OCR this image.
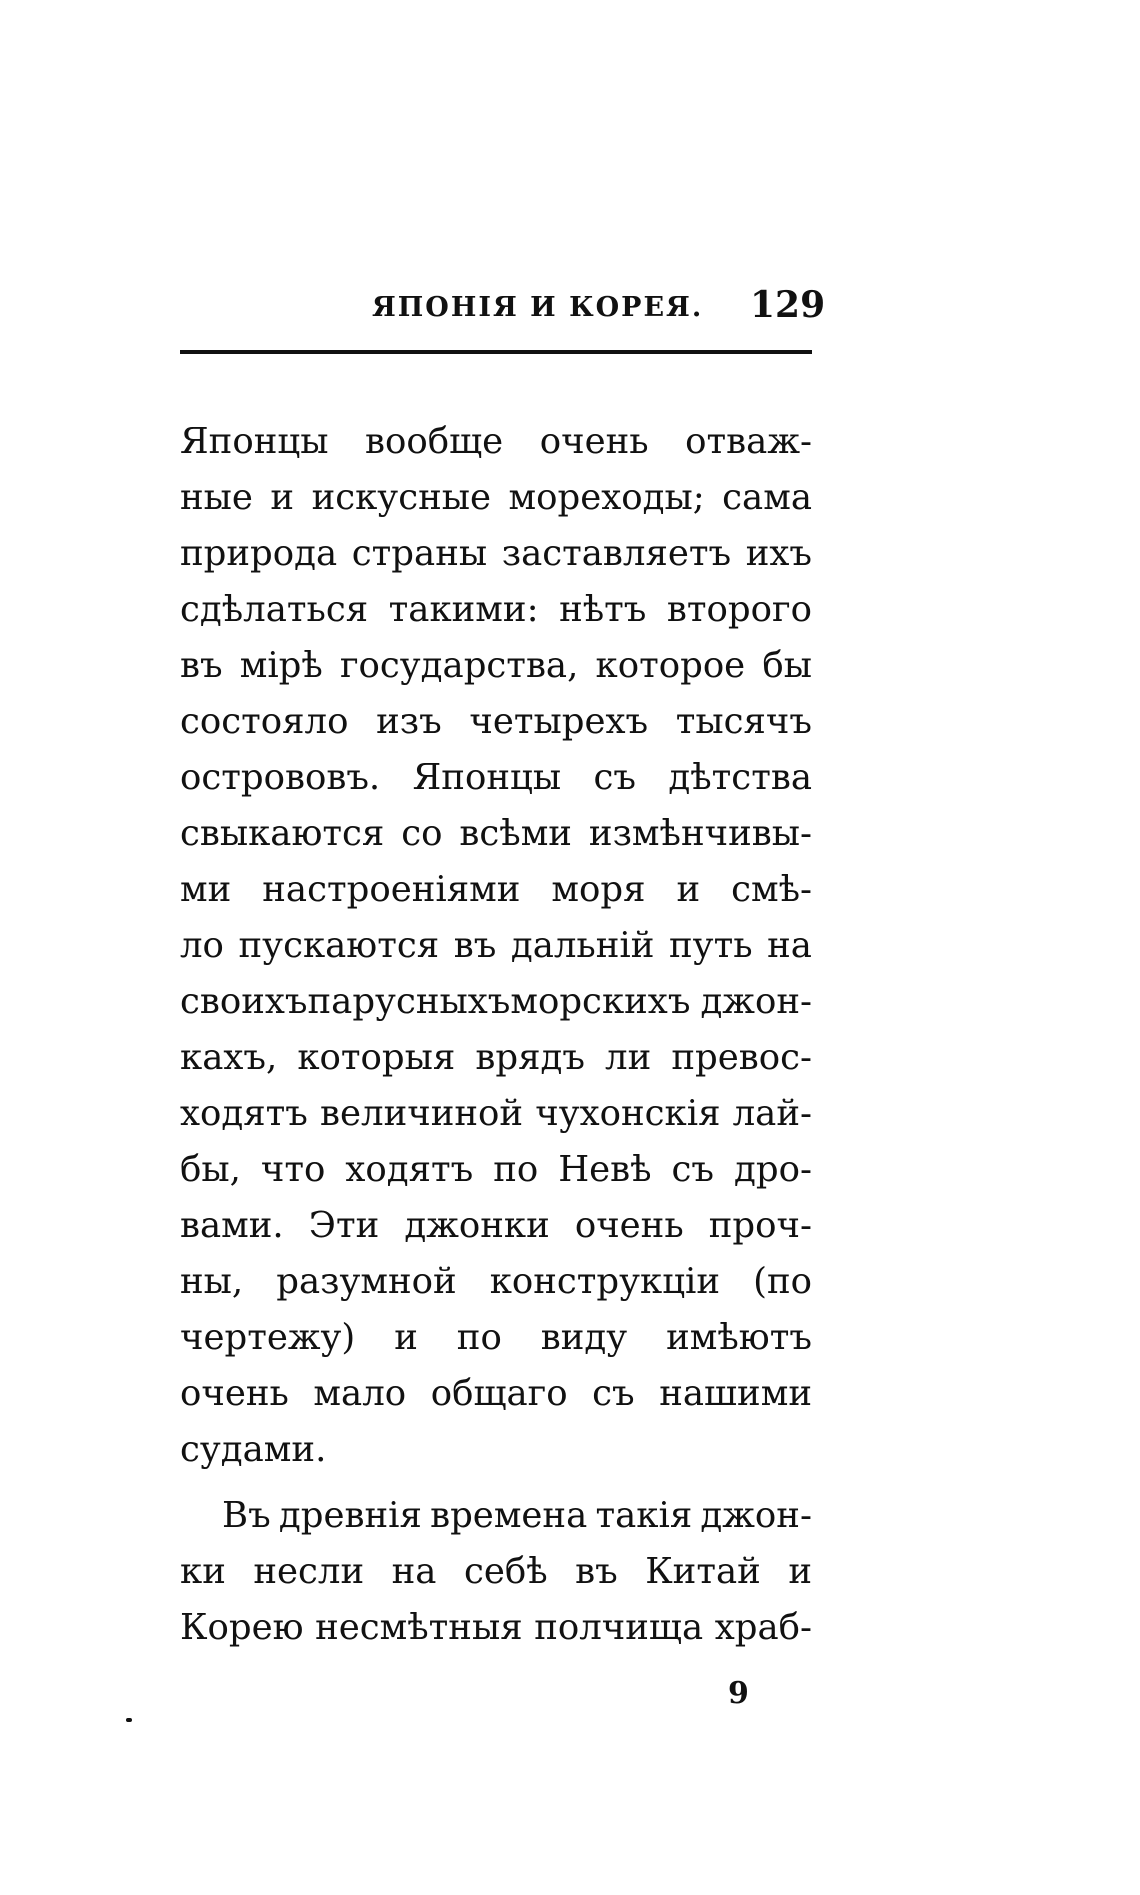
ЯПОНІЯ И КОРЕЯ. 129
Японцы вообще очень отваж-
ные и искусные мореходы; сама
природа страны заставляетъ ихъ
сдѣлаться такими: нѣтъ второго
въ мірѣ государства, которое бы
состояло изъ четырехъ тысячъ
острововъ. Японцы съ дѣтства
свыкаются со всѣми измѣнчивы-
ми настроеніями моря и смѣ-
ло пускаются въ дальній путь на
своихъпарусныхъморскихъ джон-
кахъ, которыя врядъ ли превос-
ходятъ величиной чухонскія лай-
бы, что ходятъ по Невѣ съ дро-
вами. Эти джонки очень проч-
ны, разумной конструкціи (по
чертежу) и по виду имѣютъ
очень мало общаго съ нашими
судами.
Въ древнія времена такія джон-
ки несли на себѣ въ Китай и
Корею несмѣтныя полчища храб-
9
